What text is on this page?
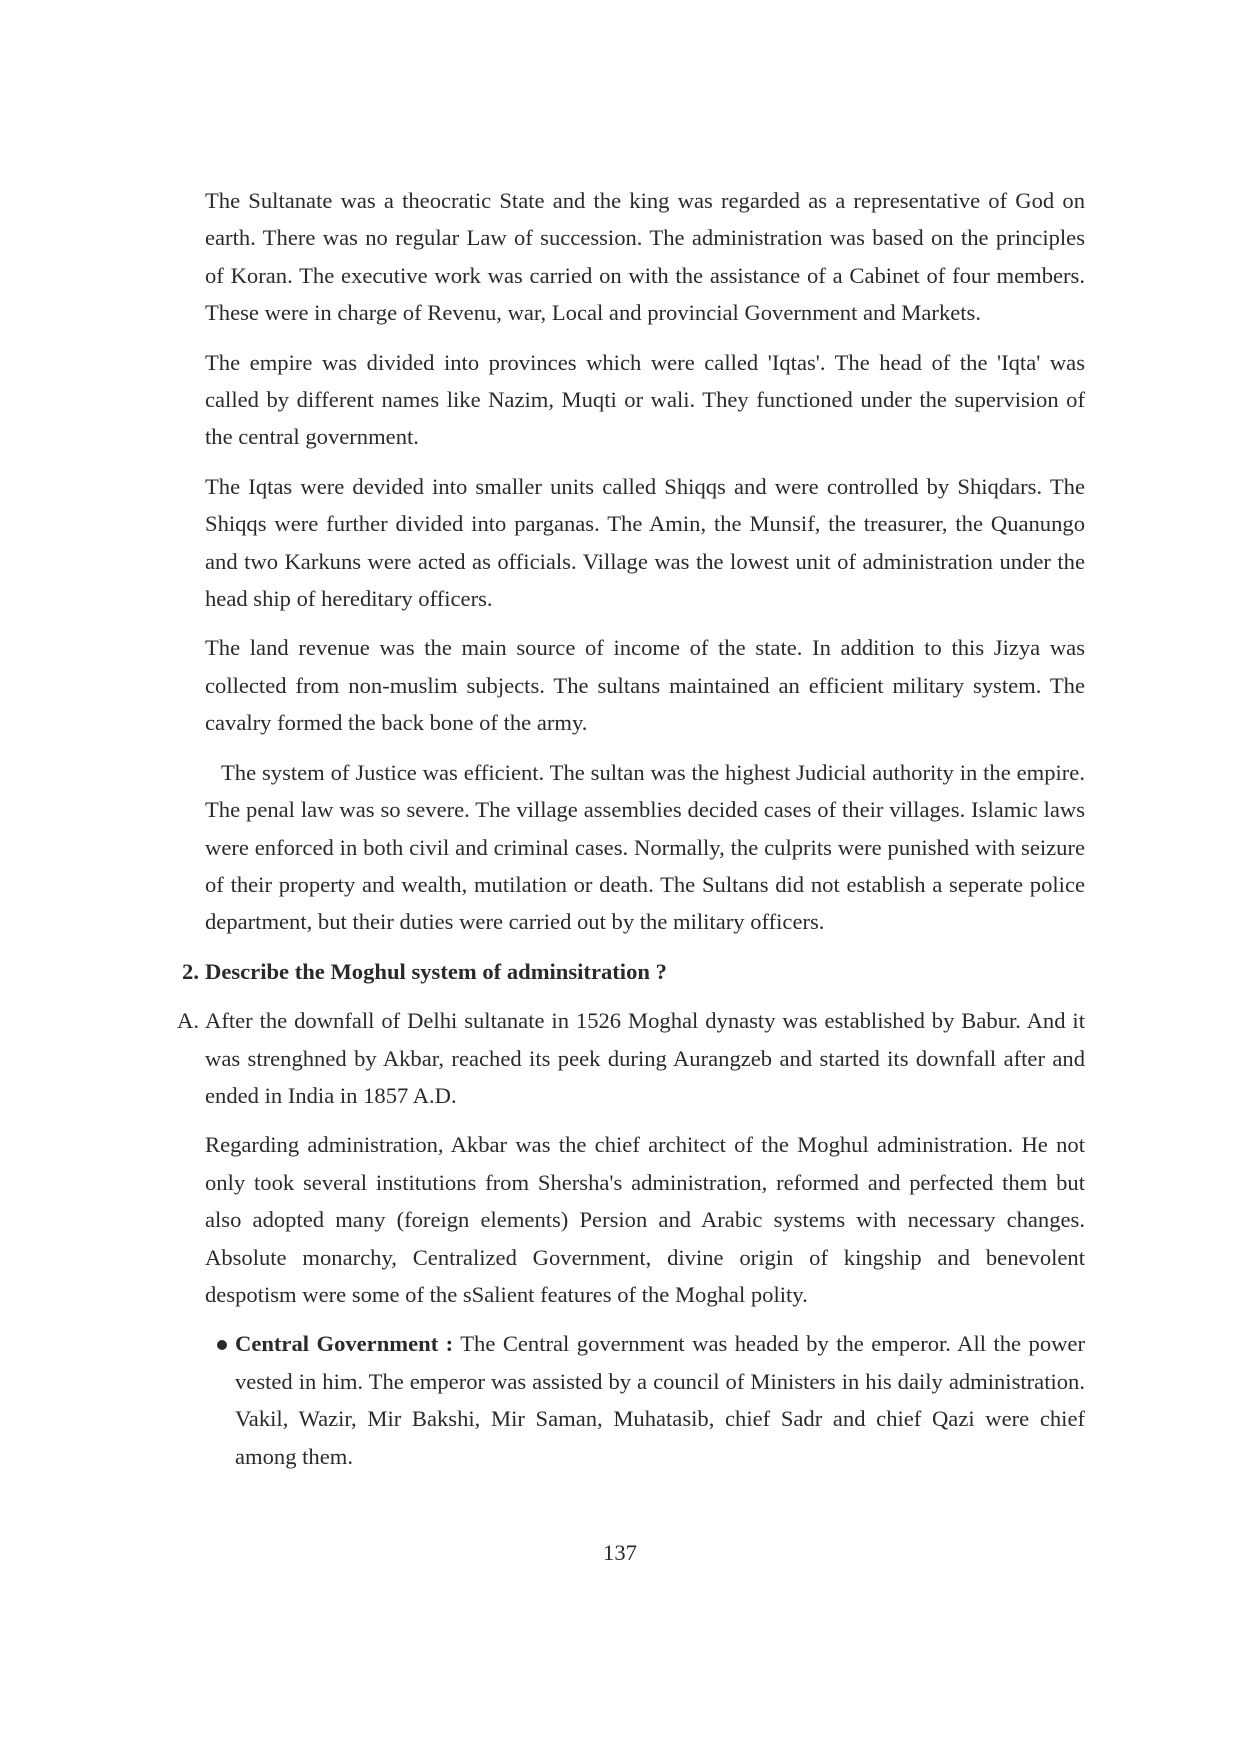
The Sultanate was a theocratic State and the king was regarded as a representative of God on earth. There was no regular Law of succession. The administration was based on the principles of Koran. The executive work was carried on with the assistance of a Cabinet of four members. These were in charge of Revenu, war, Local and provincial Government and Markets.

The empire was divided into provinces which were called 'Iqtas'. The head of the 'Iqta' was called by different names like Nazim, Muqti or wali. They functioned under the supervision of the central government.

The Iqtas were devided into smaller units called Shiqqs and were controlled by Shiqdars. The Shiqqs were further divided into parganas. The Amin, the Munsif, the treasurer, the Quanungo and two Karkuns were acted as officials. Village was the lowest unit of administration under the head ship of hereditary officers.

The land revenue was the main source of income of the state. In addition to this Jizya was collected from non-muslim subjects. The sultans maintained an efficient military system. The cavalry formed the back bone of the army.

The system of Justice was efficient. The sultan was the highest Judicial authority in the empire. The penal law was so severe. The village assemblies decided cases of their villages. Islamic laws were enforced in both civil and criminal cases. Normally, the culprits were punished with seizure of their property and wealth, mutilation or death. The Sultans did not establish a seperate police department, but their duties were carried out by the military officers.

2. Describe the Moghul system of adminsitration ?

A. After the downfall of Delhi sultanate in 1526 Moghal dynasty was established by Babur. And it was strenghned by Akbar, reached its peek during Aurangzeb and started its downfall after and ended in India in 1857 A.D.

Regarding administration, Akbar was the chief architect of the Moghul administration. He not only took several institutions from Shersha's administration, reformed and perfected them but also adopted many (foreign elements) Persion and Arabic systems with necessary changes. Absolute monarchy, Centralized Government, divine origin of kingship and benevolent despotism were some of the sSalient features of the Moghal polity.

Central Government : The Central government was headed by the emperor. All the power vested in him. The emperor was assisted by a council of Ministers in his daily administration. Vakil, Wazir, Mir Bakshi, Mir Saman, Muhatasib, chief Sadr and chief Qazi were chief among them.

137
